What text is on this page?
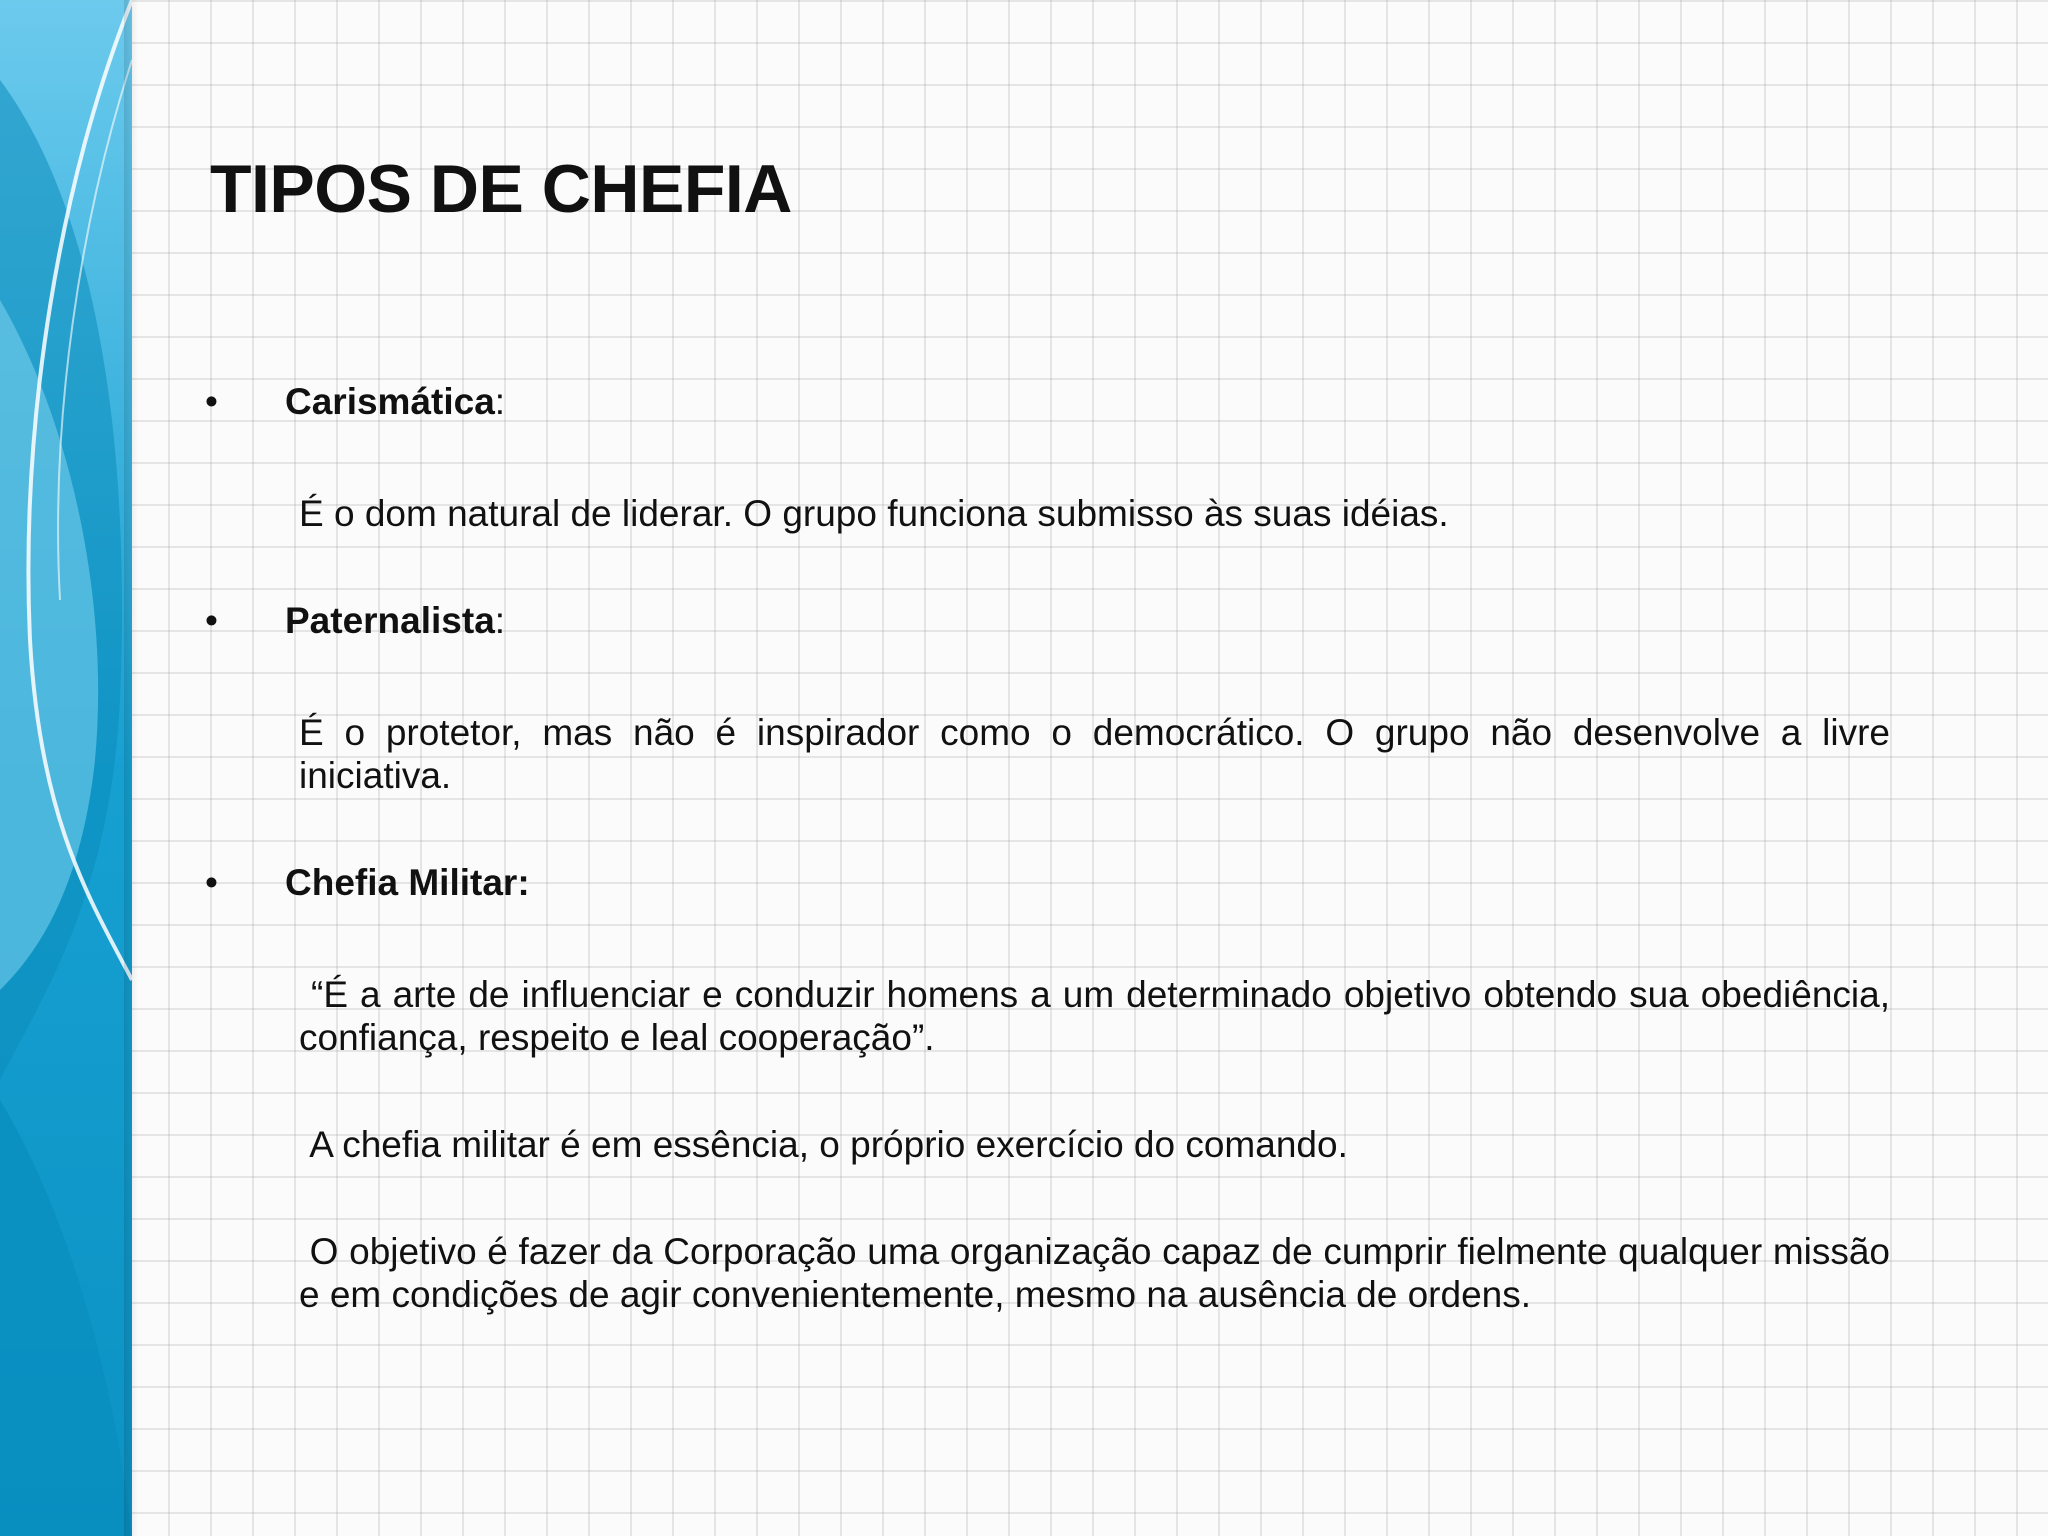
TIPOS DE CHEFIA
• Carismática:
É o dom natural de liderar. O grupo funciona submisso às suas idéias.
• Paternalista:
É o protetor, mas não é inspirador como o democrático. O grupo não desenvolve a livre iniciativa.
• Chefia Militar:
“É a arte de influenciar e conduzir homens a um determinado objetivo obtendo sua obediência, confiança, respeito e leal cooperação”.
A chefia militar é em essência, o próprio exercício do comando.
O objetivo é fazer da Corporação uma organização capaz de cumprir fielmente qualquer missão e em condições de agir convenientemente, mesmo na ausência de ordens.
